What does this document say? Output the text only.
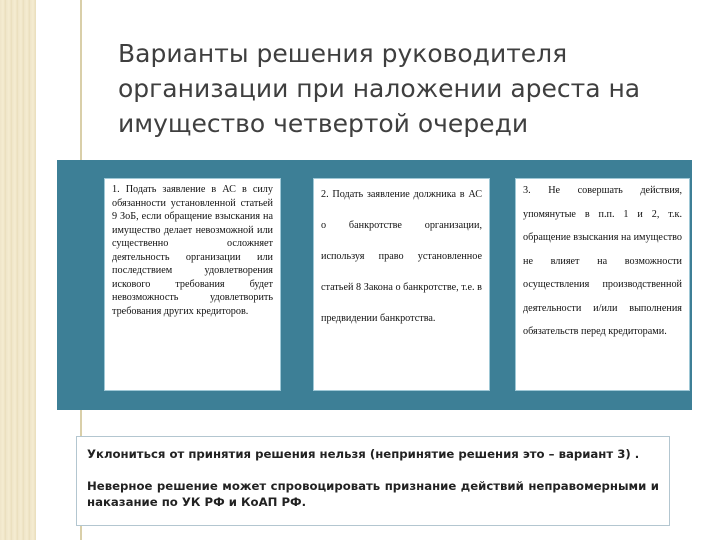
Варианты решения руководителя организации при наложении ареста на имущество четвертой очереди
1. Подать заявление в АС в силу обязанности установленной статьей 9 ЗоБ, если обращение взыскания на имущество делает невозможной или существенно осложняет деятельность организации или последствием удовлетворения искового требования будет невозможность удовлетворить требования других кредиторов.
2. Подать заявление должника в АС о банкротстве организации, используя право установленное статьей 8 Закона о банкротстве, т.е. в предвидении банкротства.
3. Не совершать действия, упомянутые в п.п. 1 и 2, т.к. обращение взыскания на имущество не влияет на возможности осуществления производственной деятельности и/или выполнения обязательств перед кредиторами.

Уклониться от принятия решения нельзя (непринятие решения это – вариант 3) .

Неверное решение может спровоцировать признание действий неправомерными и наказание по УК РФ и КоАП РФ.
